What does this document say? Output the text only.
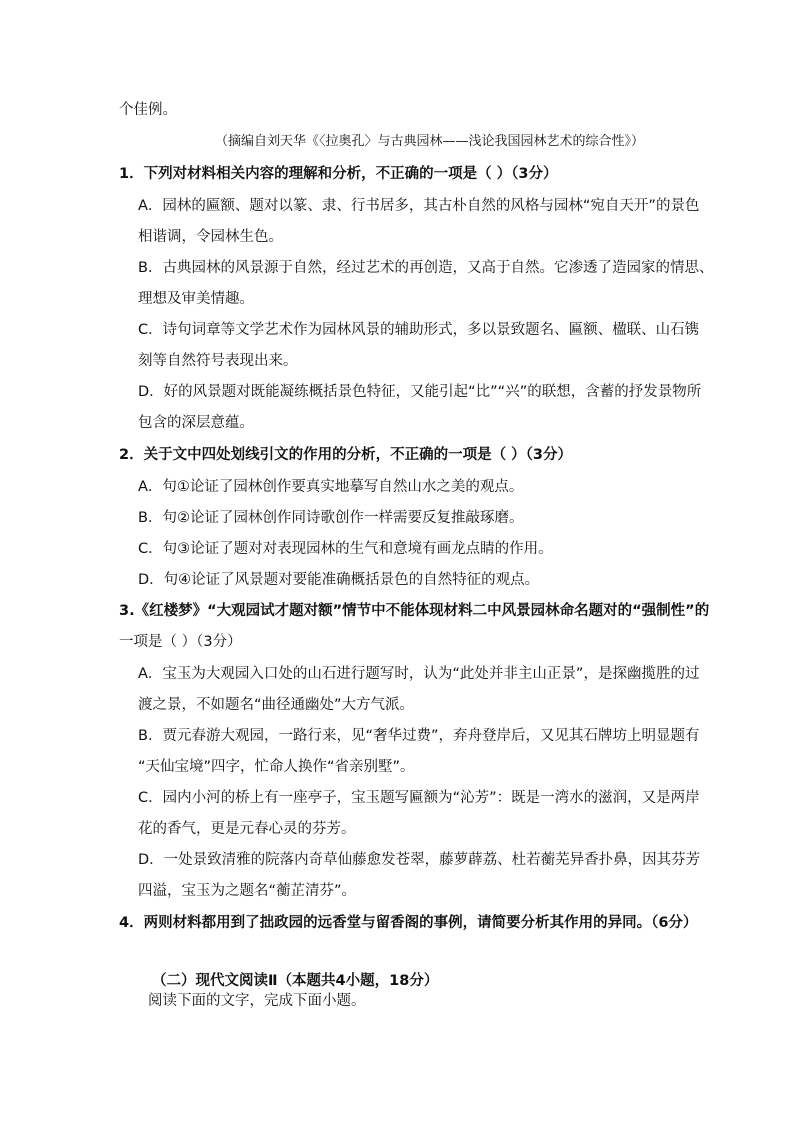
个佳例。
（摘编自刘天华《〈拉奥孔〉与古典园林——浅论我国园林艺术的综合性》）
1．下列对材料相关内容的理解和分析，不正确的一项是（ ）（3分）
A．园林的匾额、题对以篆、隶、行书居多，其古朴自然的风格与园林“宛自天开”的景色
相谐调，令园林生色。
B．古典园林的风景源于自然，经过艺术的再创造，又高于自然。它渗透了造园家的情思、
理想及审美情趣。
C．诗句词章等文学艺术作为园林风景的辅助形式，多以景致题名、匾额、楹联、山石镌
刻等自然符号表现出来。
D．好的风景题对既能凝练概括景色特征，又能引起“比”“兴”的联想，含蓄的抒发景物所
包含的深层意蕴。
2．关于文中四处划线引文的作用的分析，不正确的一项是（ ）（3分）
A．句①论证了园林创作要真实地摹写自然山水之美的观点。
B．句②论证了园林创作同诗歌创作一样需要反复推敲琢磨。
C．句③论证了题对对表现园林的生气和意境有画龙点睛的作用。
D．句④论证了风景题对要能准确概括景色的自然特征的观点。
3.《红楼梦》“大观园试才题对额”情节中不能体现材料二中风景园林命名题对的“强制性”的
一项是（ ）（3分）
A．宝玉为大观园入口处的山石进行题写时，认为“此处并非主山正景”，是探幽揽胜的过
渡之景，不如题名“曲径通幽处”大方气派。
B．贾元春游大观园，一路行来，见“奢华过费”，弃舟登岸后，又见其石牌坊上明显题有
“天仙宝境”四字，忙命人换作“省亲别墅”。
C．园内小河的桥上有一座亭子，宝玉题写匾额为“沁芳”：既是一湾水的滋润，又是两岸
花的香气，更是元春心灵的芬芳。
D．一处景致清雅的院落内奇草仙藤愈发苍翠，藤萝薜荔、杜若蘅芜异香扑鼻，因其芬芳
四溢，宝玉为之题名“蘅芷清芬”。
4．两则材料都用到了拙政园的远香堂与留香阁的事例，请简要分析其作用的异同。（6分）
（二）现代文阅读Ⅱ（本题共4小题，18分）
阅读下面的文字，完成下面小题。
